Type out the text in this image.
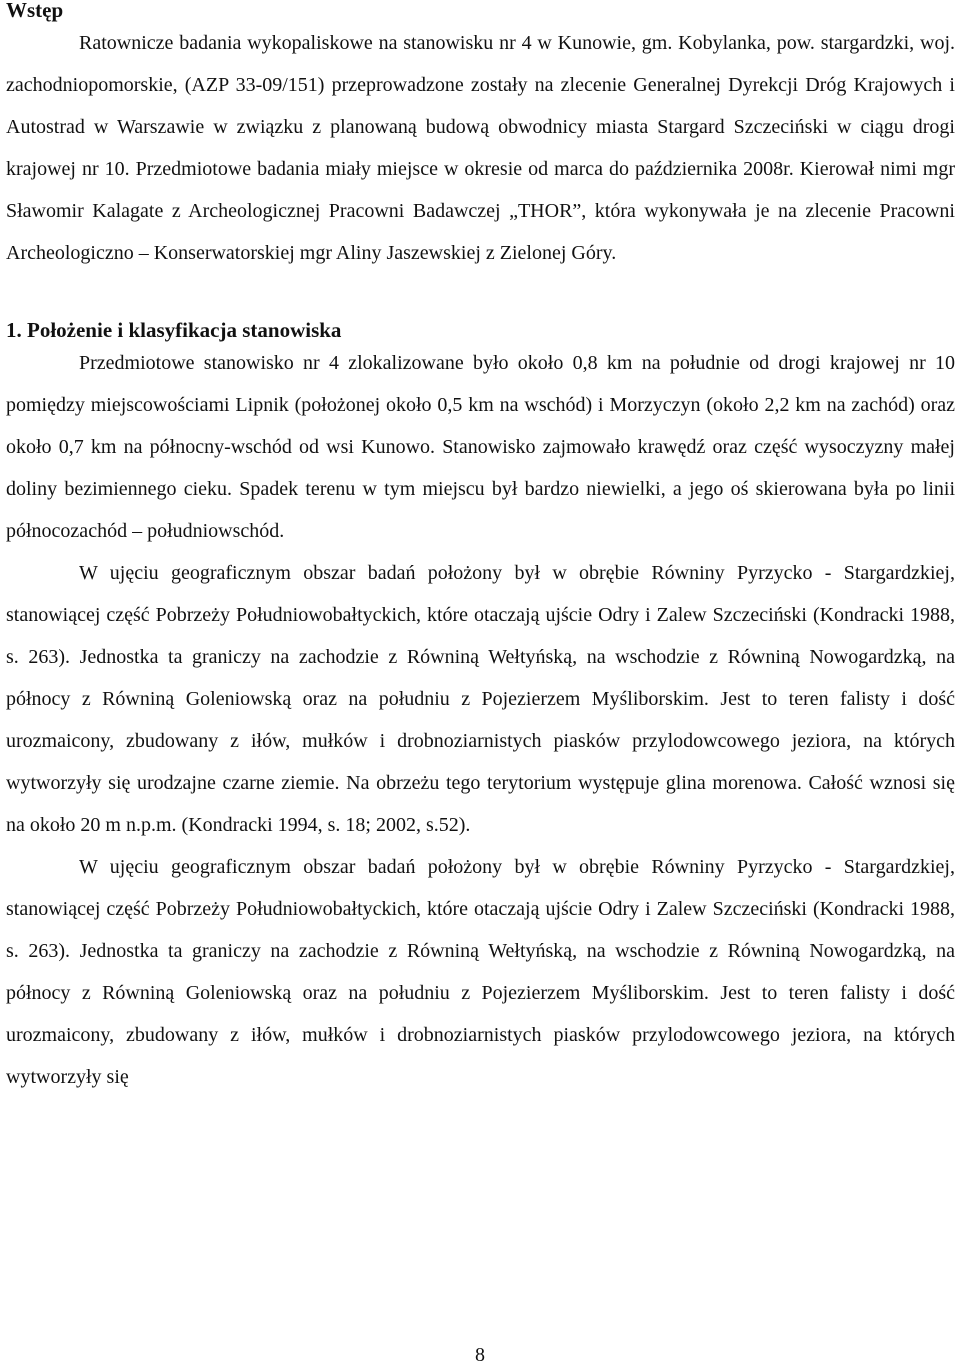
Wstęp

Ratownicze badania wykopaliskowe na stanowisku nr 4 w Kunowie, gm. Kobylanka, pow. stargardzki, woj. zachodniopomorskie, (AZP 33-09/151) przeprowadzone zostały na zlecenie Generalnej Dyrekcji Dróg Krajowych i Autostrad w Warszawie w związku z planowaną budową obwodnicy miasta Stargard Szczeciński w ciągu drogi krajowej nr 10. Przedmiotowe badania miały miejsce w okresie od marca do października 2008r. Kierował nimi mgr Sławomir Kalagate z Archeologicznej Pracowni Badawczej „THOR”, która wykonywała je na zlecenie Pracowni Archeologiczno – Konserwatorskiej mgr Aliny Jaszewskiej z Zielonej Góry.

1. Położenie i klasyfikacja stanowiska

Przedmiotowe stanowisko nr 4 zlokalizowane było około 0,8 km na południe od drogi krajowej nr 10 pomiędzy miejscowościami Lipnik (położonej około 0,5 km na wschód) i Morzyczyn (około 2,2 km na zachód) oraz około 0,7 km na północny-wschód od wsi Kunowo. Stanowisko zajmowało krawędź oraz część wysoczyzny małej doliny bezimiennego cieku. Spadek terenu w tym miejscu był bardzo niewielki, a jego oś skierowana była po linii północozachód – południowschód.

W ujęciu geograficznym obszar badań położony był w obrębie Równiny Pyrzycko - Stargardzkiej, stanowiącej część Pobrzeży Południowobałtyckich, które otaczają ujście Odry i Zalew Szczeciński (Kondracki 1988, s. 263). Jednostka ta graniczy na zachodzie z Równiną Wełtyńską, na wschodzie z Równiną Nowogardzką, na północy z Równiną Goleniowską oraz na południu z Pojezierzem Myśliborskim. Jest to teren falisty i dość urozmaicony, zbudowany z iłów, mułków i drobnoziarnistych piasków przylodowcowego jeziora, na których wytworzyły się urodzajne czarne ziemie. Na obrzeżu tego terytorium występuje glina morenowa. Całość wznosi się na około 20 m n.p.m. (Kondracki 1994, s. 18; 2002, s.52).

W ujęciu geograficznym obszar badań położony był w obrębie Równiny Pyrzycko - Stargardzkiej, stanowiącej część Pobrzeży Południowobałtyckich, które otaczają ujście Odry i Zalew Szczeciński (Kondracki 1988, s. 263). Jednostka ta graniczy na zachodzie z Równiną Wełtyńską, na wschodzie z Równiną Nowogardzką, na północy z Równiną Goleniowską oraz na południu z Pojezierzem Myśliborskim. Jest to teren falisty i dość urozmaicony, zbudowany z iłów, mułków i drobnoziarnistych piasków przylodowcowego jeziora, na których wytworzyły się

8
